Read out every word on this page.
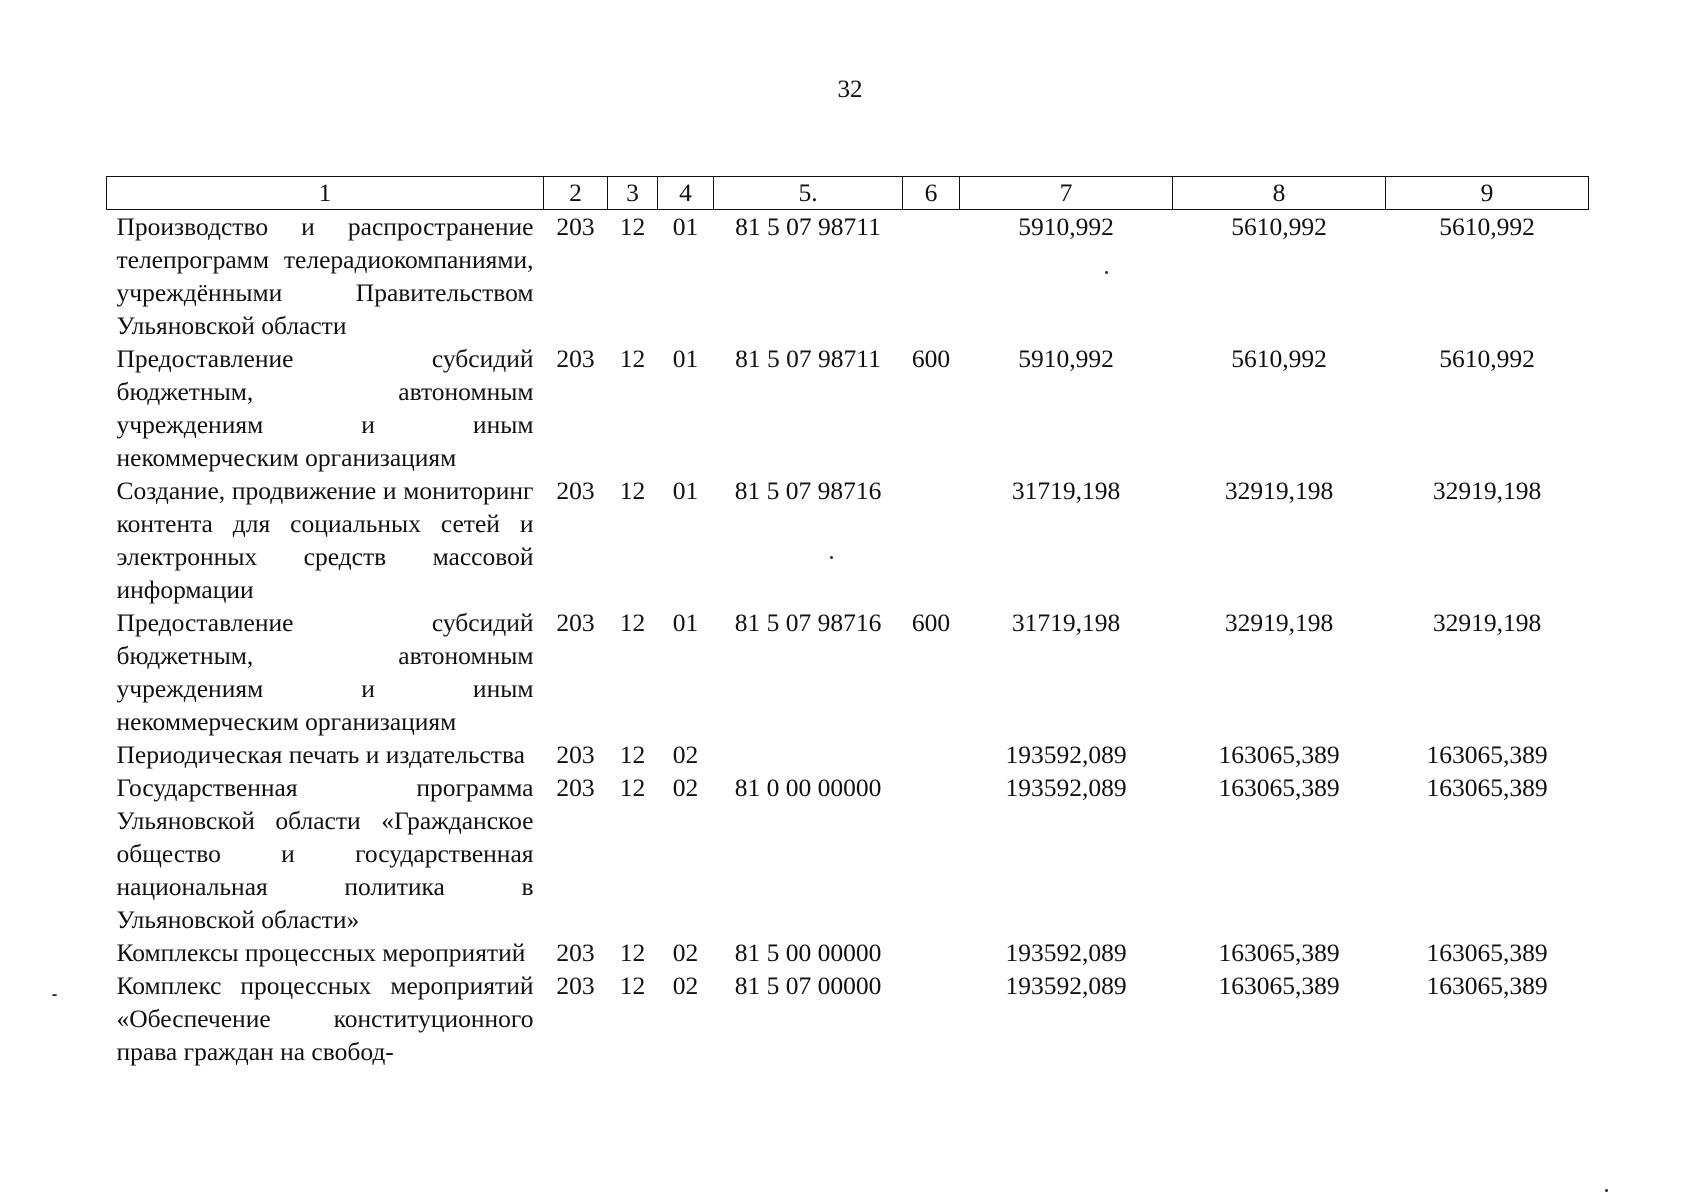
32
1	2	3	4	5.	6	7	8	9
Производство и распространение телепрограмм телерадиокомпаниями, учреждёнными Правительством Ульяновской области	203	12	01	81 5 07 98711		5910,992	5610,992	5610,992
Предоставление субсидий бюджетным, автономным учреждениям и иным некоммерческим организациям	203	12	01	81 5 07 98711	600	5910,992	5610,992	5610,992
Создание, продвижение и мониторинг контента для социальных сетей и электронных средств массовой информации	203	12	01	81 5 07 98716		31719,198	32919,198	32919,198
Предоставление субсидий бюджетным, автономным учреждениям и иным некоммерческим организациям	203	12	01	81 5 07 98716	600	31719,198	32919,198	32919,198
Периодическая печать и издательства	203	12	02			193592,089	163065,389	163065,389
Государственная программа Ульяновской области «Гражданское общество и государственная национальная политика в Ульяновской области»	203	12	02	81 0 00 00000		193592,089	163065,389	163065,389
Комплексы процессных мероприятий	203	12	02	81 5 00 00000		193592,089	163065,389	163065,389
Комплекс процессных мероприятий «Обеспечение конституционного права граждан на свобод-	203	12	02	81 5 07 00000		193592,089	163065,389	163065,389
